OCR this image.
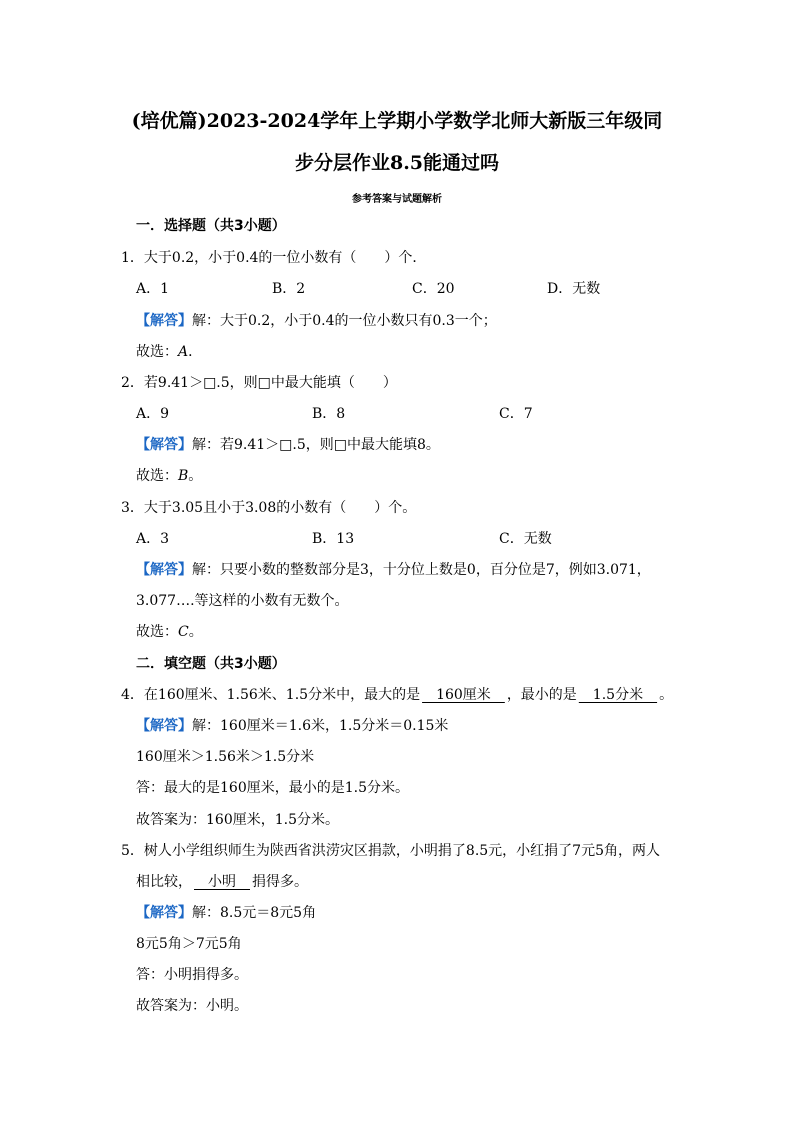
(培优篇)2023-2024学年上学期小学数学北师大新版三年级同
步分层作业8.5能通过吗
参考答案与试题解析
一．选择题（共3小题）
1．大于0.2，小于0.4的一位小数有（　　）个．
A．1	B．2	C．20	D．无数
【解答】解：大于0.2，小于0.4的一位小数只有0.3一个；
故选：A．
2．若9.41＞□.5，则□中最大能填（　　）
A．9	B．8	C．7
【解答】解：若9.41＞□.5，则□中最大能填8。
故选：B。
3．大于3.05且小于3.08的小数有（　　）个。
A．3	B．13	C．无数
【解答】解：只要小数的整数部分是3，十分位上数是0，百分位是7，例如3.071，
3.077….等这样的小数有无数个。
故选：C。
二．填空题（共3小题）
4．在160厘米、1.56米、1.5分米中，最大的是　160厘米　，最小的是　1.5分米　。
【解答】解：160厘米＝1.6米，1.5分米＝0.15米
160厘米＞1.56米＞1.5分米
答：最大的是160厘米，最小的是1.5分米。
故答案为：160厘米，1.5分米。
5．树人小学组织师生为陕西省洪涝灾区捐款，小明捐了8.5元，小红捐了7元5角，两人
相比较，　小明　捐得多。
【解答】解：8.5元＝8元5角
8元5角＞7元5角
答：小明捐得多。
故答案为：小明。
